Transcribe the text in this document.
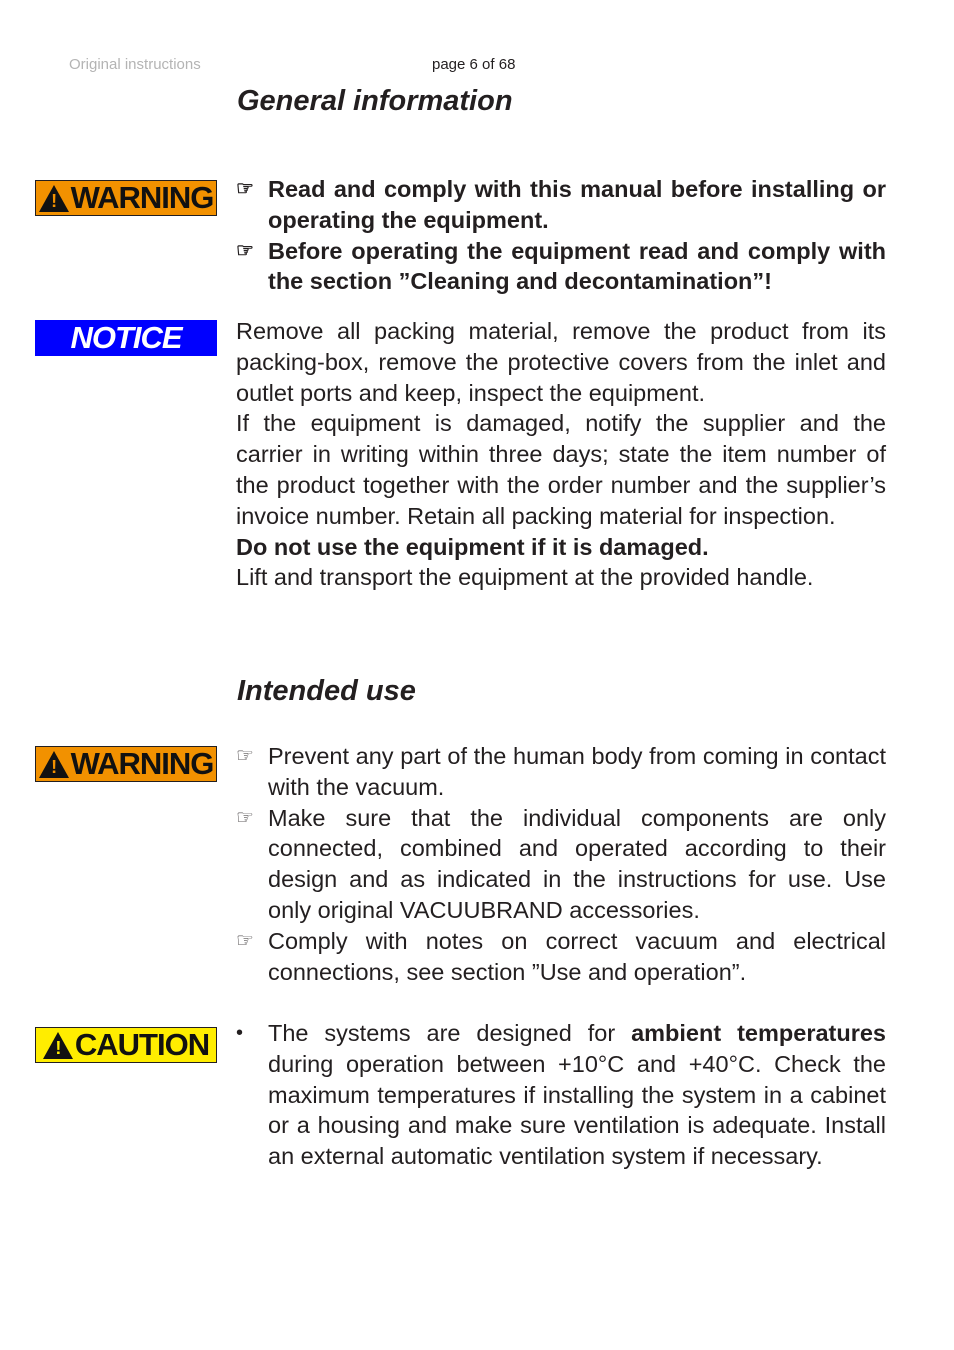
Original instructions	page 6 of 68
General information
! WARNING ☞ Read and comply with this manual before installing or operating the equipment.
☞ Before operating the equipment read and comply with the section ”Cleaning and decontamination”!
NOTICE Remove all packing material, remove the product from its packing-box, remove the protective covers from the inlet and outlet ports and keep, inspect the equipment.

If the equipment is damaged, notify the supplier and the carrier in writing within three days; state the item number of the product together with the order number and the supplier’s invoice number. Retain all packing material for inspection.

Do not use the equipment if it is damaged.

Lift and transport the equipment at the provided handle.

Intended use
! WARNING ☞ Prevent any part of the human body from coming in contact with the vacuum.
☞ Make sure that the individual components are only connected, combined and operated according to their design and as indicated in the instructions for use. Use only original VACUUBRAND accessories.
☞ Comply with notes on correct vacuum and electrical connections, see section ”Use and operation”.
! CAUTION •	The systems are designed for ambient temperatures during operation between +10°C and +40°C. Check the maximum temperatures if installing the system in a cabinet or a housing and make sure ventilation is adequate. Install an external automatic ventilation system if necessary.
